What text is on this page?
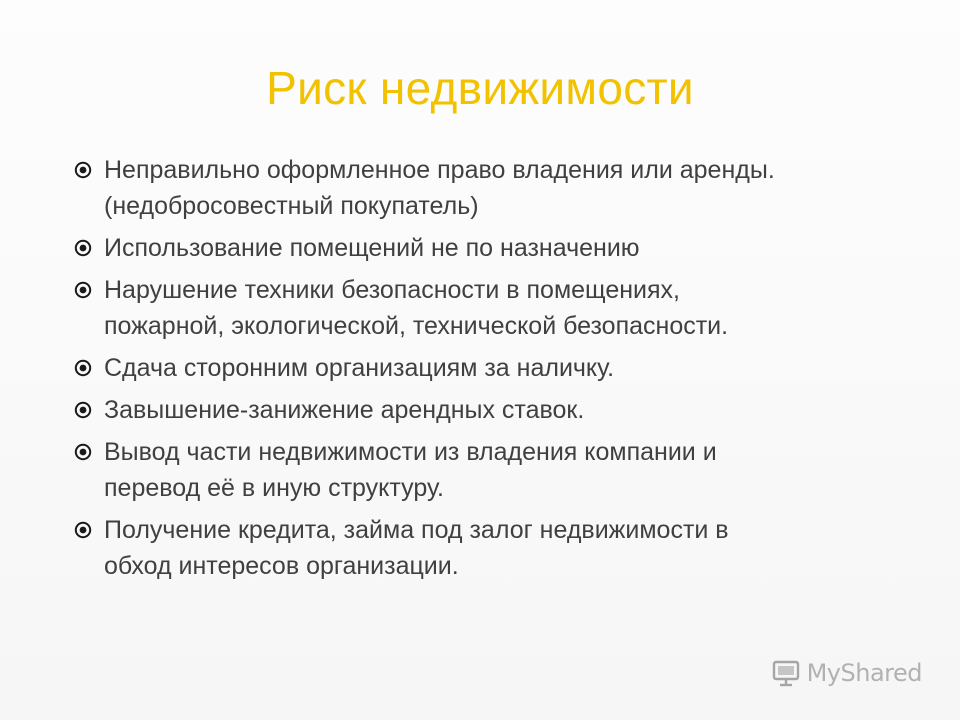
Риск недвижимости
Неправильно оформленное право владения или аренды.
(недобросовестный покупатель)
Использование помещений не по назначению
Нарушение техники безопасности в помещениях,
пожарной, экологической, технической безопасности.
Сдача сторонним организациям за наличку.
Завышение-занижение арендных ставок.
Вывод части недвижимости из владения компании и
перевод её в иную структуру.
Получение кредита, займа под залог недвижимости в
обход интересов организации.
MyShared
